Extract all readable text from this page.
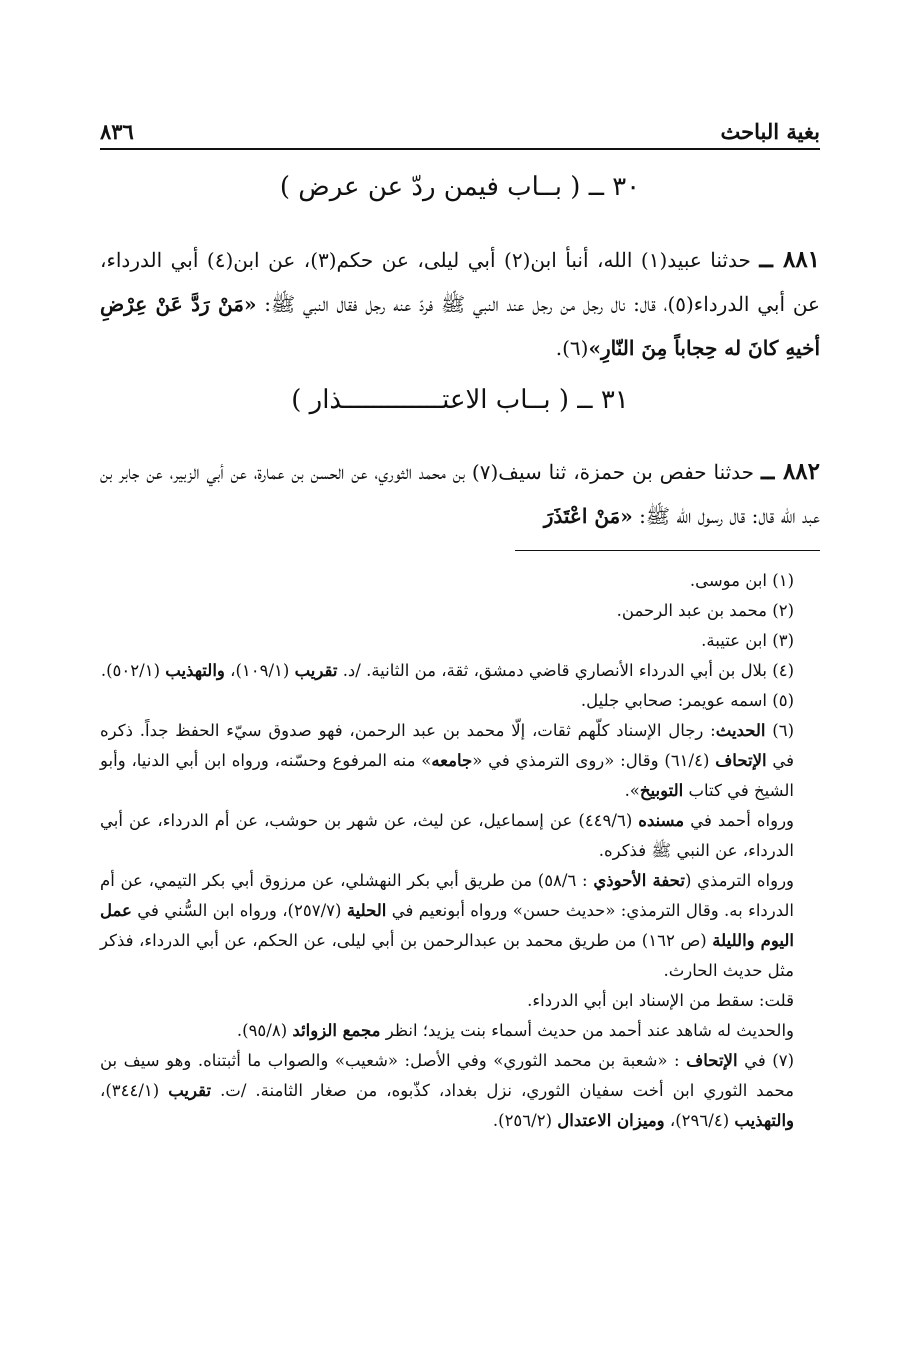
بغية الباحث
٨٣٦
٣٠ ــ ( بــاب فيمن ردّ عن عرض )

٨٨١ ــ حدثنا عبيد(١) الله، أنبأ ابن(٢) أبي ليلى، عن حكم(٣)، عن ابن(٤) أبي الدرداء، عن أبي الدرداء(٥)، قال: نال رجل من رجل عند النبي ﷺ فردّ عنه رجل فقال النبي ﷺ: «مَنْ رَدَّ عَنْ عِرْضِ أخيهِ كانَ له حِجاباً مِنَ النّارِ»(٦).

٣١ ــ ( بــاب الاعتـــــــــــــذار )

٨٨٢ ــ حدثنا حفص بن حمزة، ثنا سيف(٧) بن محمد الثوري، عن الحسن بن عمارة، عن أبي الزبير، عن جابر بن عبد الله قال: قال رسول الله ﷺ: «مَنْ اعْتَذَرَ

(١) ابن موسى.

(٢) محمد بن عبد الرحمن.

(٣) ابن عتيبة.

(٤) بلال بن أبي الدرداء الأنصاري قاضي دمشق، ثقة، من الثانية. /د. تقريب (١٠٩/١)، والتهذيب (٥٠٢/١).

(٥) اسمه عويمر: صحابي جليل.

(٦) الحديث: رجال الإسناد كلّهم ثقات، إلّا محمد بن عبد الرحمن، فهو صدوق سيّء الحفظ جداً. ذكره في الإتحاف (٦١/٤) وقال: «روى الترمذي في «جامعه» منه المرفوع وحسّنه، ورواه ابن أبي الدنيا، وأبو الشيخ في كتاب التوبيخ».

ورواه أحمد في مسنده (٤٤٩/٦) عن إسماعيل، عن ليث، عن شهر بن حوشب، عن أم الدرداء، عن أبي الدرداء، عن النبي ﷺ فذكره.

ورواه الترمذي (تحفة الأحوذي : ٥٨/٦) من طريق أبي بكر النهشلي، عن مرزوق أبي بكر التيمي، عن أم الدرداء به. وقال الترمذي: «حديث حسن» ورواه أبونعيم في الحلية (٢٥٧/٧)، ورواه ابن السُّني في عمل اليوم والليلة (ص ١٦٢) من طريق محمد بن عبدالرحمن بن أبي ليلى، عن الحكم، عن أبي الدرداء، فذكر مثل حديث الحارث.

قلت: سقط من الإسناد ابن أبي الدرداء.

والحديث له شاهد عند أحمد من حديث أسماء بنت يزيد؛ انظر مجمع الزوائد (٩٥/٨).

(٧) في الإتحاف : «شعبة بن محمد الثوري» وفي الأصل: «شعيب» والصواب ما أثبتناه. وهو سيف بن محمد الثوري ابن أخت سفيان الثوري، نزل بغداد، كذّبوه، من صغار الثامنة. /ت. تقريب (٣٤٤/١)، والتهذيب (٢٩٦/٤)، وميزان الاعتدال (٢٥٦/٢).
